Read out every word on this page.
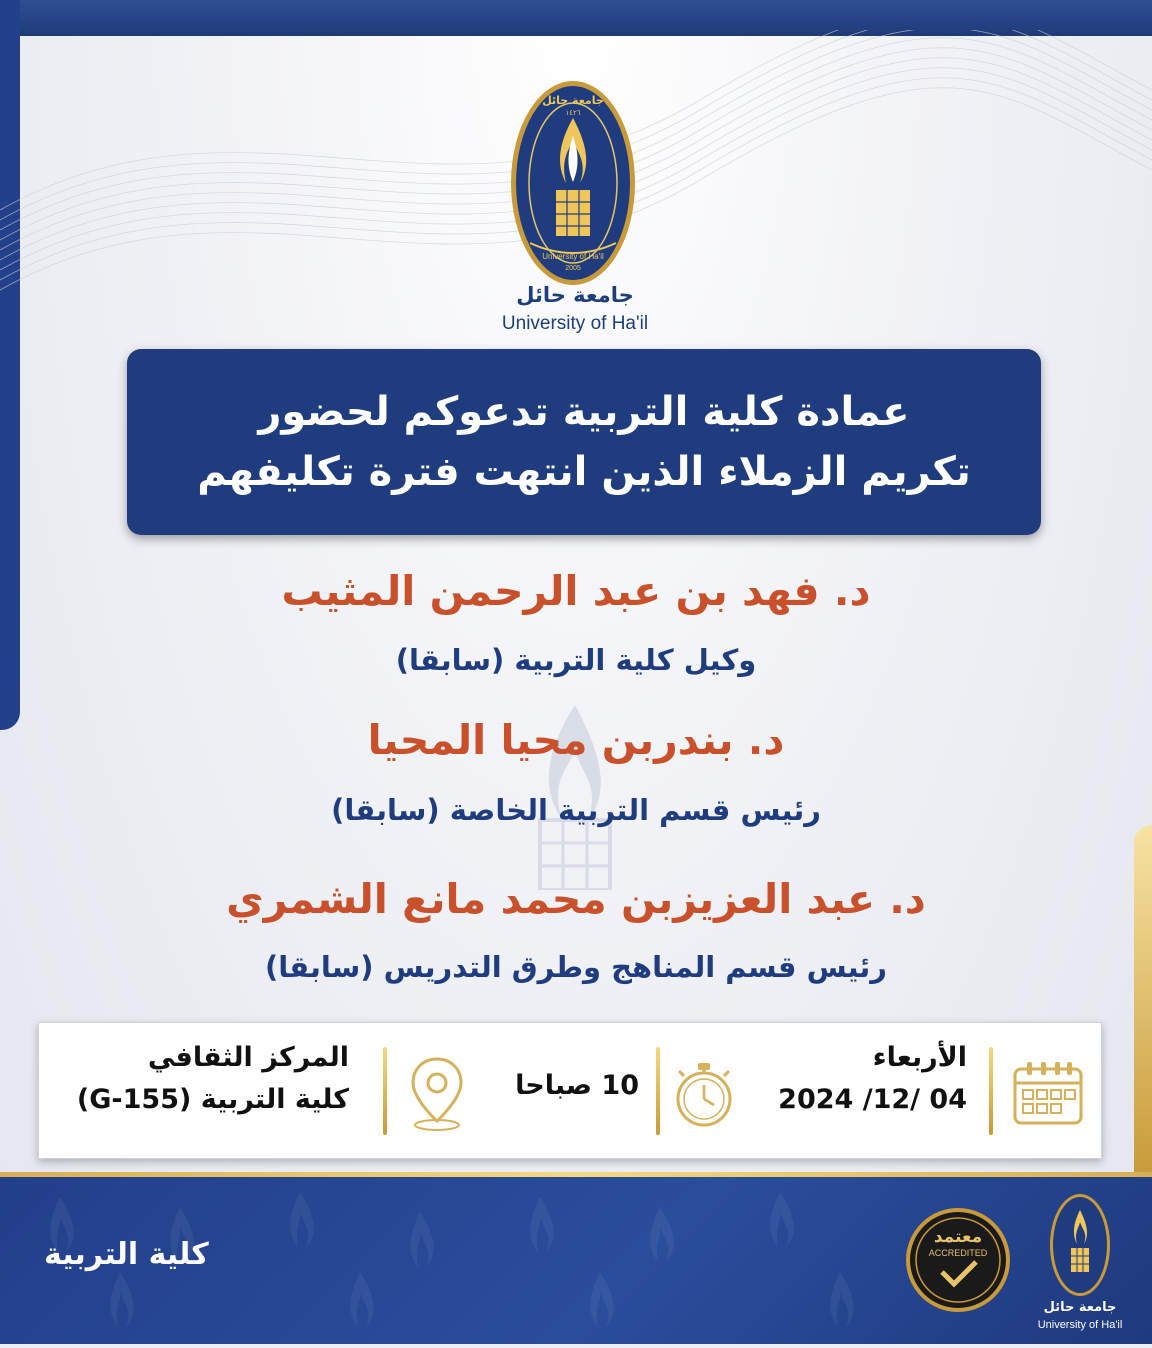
University of Ha'il
2005
جامعة حائل
١٤٢٦
جامعة حائل
University of Ha'il
عمادة كلية التربية تدعوكم لحضور
تكريم الزملاء الذين انتهت فترة تكليفهم
د. فهد بن عبد الرحمن المثيب
وكيل كلية التربية (سابقا)
د. بندربن محيا المحيا
رئيس قسم التربية الخاصة (سابقا)
د. عبد العزيزبن محمد مانع الشمري
رئيس قسم المناهج وطرق التدريس (سابقا)
الأربعاء
2024 /12/ 04
10 صباحا
المركز الثقافي
كلية التربية (G-155)
كلية التربية	معتمد
ACCREDITED
جامعة حائل
University of Ha'il
